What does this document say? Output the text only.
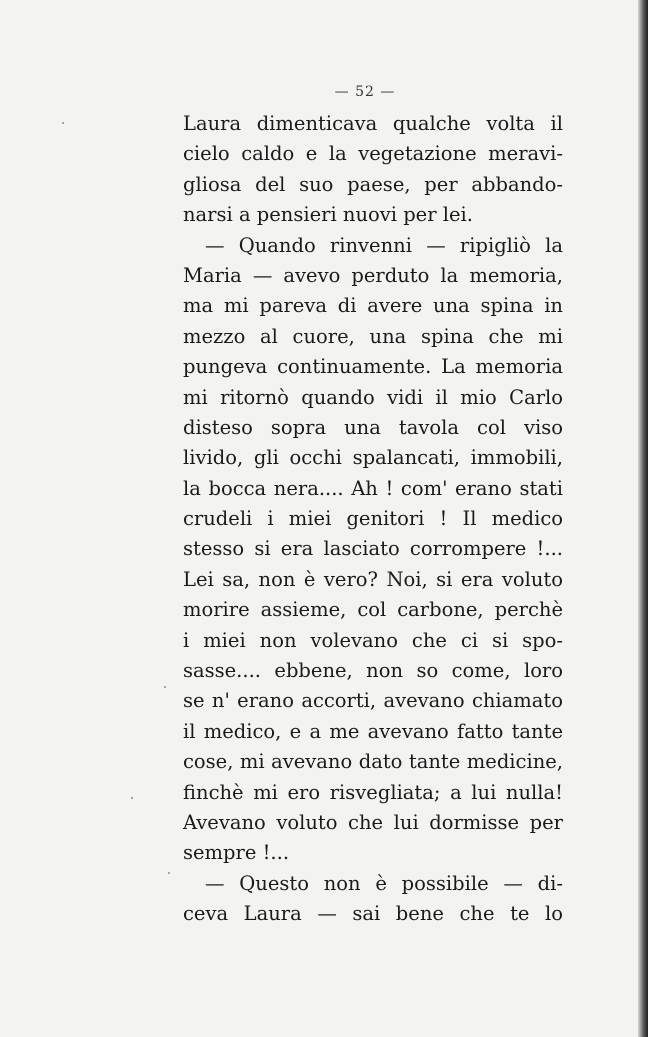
— 52 —
Laura dimenticava qualche volta il
cielo caldo e la vegetazione meravi-
gliosa del suo paese, per abbando-
narsi a pensieri nuovi per lei.
— Quando rinvenni — ripigliò la
Maria — avevo perduto la memoria,
ma mi pareva di avere una spina in
mezzo al cuore, una spina che mi
pungeva continuamente. La memoria
mi ritornò quando vidi il mio Carlo
disteso sopra una tavola col viso
livido, gli occhi spalancati, immobili,
la bocca nera.... Ah ! com' erano stati
crudeli i miei genitori ! Il medico
stesso si era lasciato corrompere !...
Lei sa, non è vero? Noi, si era voluto
morire assieme, col carbone, perchè
i miei non volevano che ci si spo-
sasse.... ebbene, non so come, loro
se n' erano accorti, avevano chiamato
il medico, e a me avevano fatto tante
cose, mi avevano dato tante medicine,
finchè mi ero risvegliata; a lui nulla!
Avevano voluto che lui dormisse per
sempre !...
— Questo non è possibile — di-
ceva Laura — sai bene che te lo
